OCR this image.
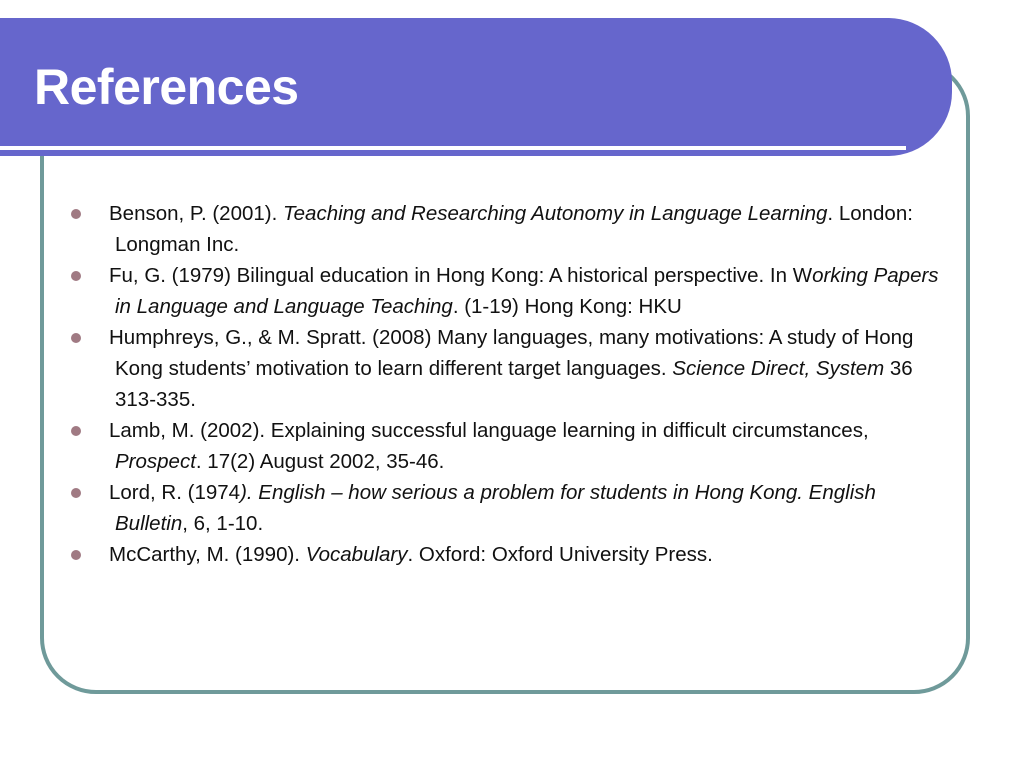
References
Benson, P. (2001). Teaching and Researching Autonomy in Language Learning. London: Longman Inc.
Fu, G. (1979) Bilingual education in Hong Kong: A historical perspective. In Working Papers in Language and Language Teaching. (1-19) Hong Kong: HKU
Humphreys, G., & M. Spratt. (2008) Many languages, many motivations: A study of Hong Kong students’ motivation to learn different target languages. Science Direct, System 36 313-335.
Lamb, M. (2002). Explaining successful language learning in difficult circumstances, Prospect. 17(2) August 2002, 35-46.
Lord, R. (1974). English – how serious a problem for students in Hong Kong. English Bulletin, 6, 1-10.
McCarthy, M. (1990). Vocabulary. Oxford: Oxford University Press.
